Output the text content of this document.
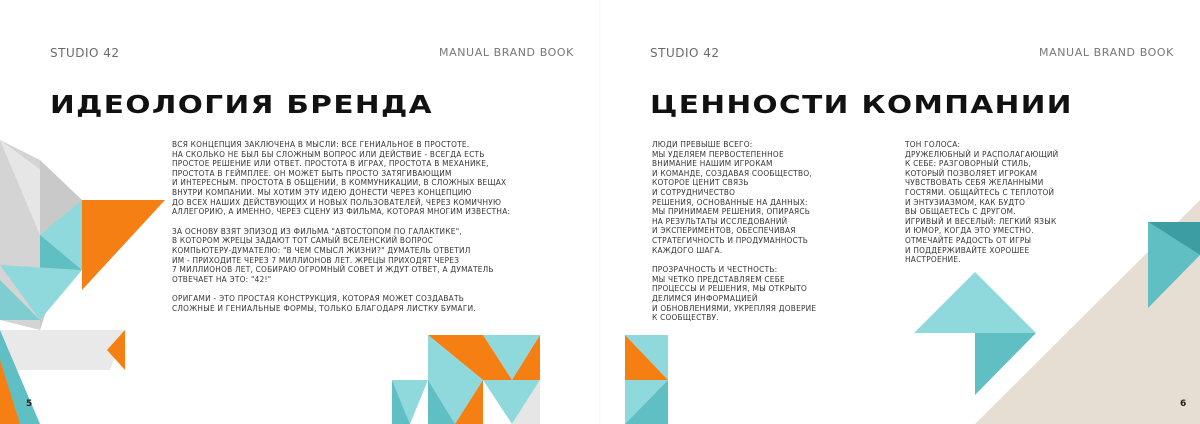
STUDIO 42	MANUAL BRAND BOOK
ИДЕОЛОГИЯ БРЕНДА

ВСЯ КОНЦЕПЦИЯ ЗАКЛЮЧЕНА В МЫСЛИ: ВСЕ ГЕНИАЛЬНОЕ В ПРОСТОТЕ.

НА СКОЛЬКО НЕ БЫЛ БЫ СЛОЖНЫМ ВОПРОС ИЛИ ДЕЙСТВИЕ - ВСЕГДА ЕСТЬ

ПРОСТОЕ РЕШЕНИЕ ИЛИ ОТВЕТ. ПРОСТОТА В ИГРАХ, ПРОСТОТА В МЕХАНИКЕ,

ПРОСТОТА В ГЕЙМПЛЕЕ. ОН МОЖЕТ БЫТЬ ПРОСТО ЗАТЯГИВАЮЩИМ

И ИНТЕРЕСНЫМ. ПРОСТОТА В ОБЩЕНИИ, В КОММУНИКАЦИИ, В СЛОЖНЫХ ВЕЩАХ

ВНУТРИ КОМПАНИИ. МЫ ХОТИМ ЭТУ ИДЕЮ ДОНЕСТИ ЧЕРЕЗ КОНЦЕПЦИЮ

ДО ВСЕХ НАШИХ ДЕЙСТВУЮЩИХ И НОВЫХ ПОЛЬЗОВАТЕЛЕЙ, ЧЕРЕЗ КОМИЧНУЮ

АЛЛЕГОРИЮ, А ИМЕННО, ЧЕРЕЗ СЦЕНУ ИЗ ФИЛЬМА, КОТОРАЯ МНОГИМ ИЗВЕСТНА:

ЗА ОСНОВУ ВЗЯТ ЭПИЗОД ИЗ ФИЛЬМА "АВТОСТОПОМ ПО ГАЛАКТИКЕ",

В КОТОРОМ ЖРЕЦЫ ЗАДАЮТ ТОТ САМЫЙ ВСЕЛЕНСКИЙ ВОПРОС

КОМПЬЮТЕРУ-ДУМАТЕЛЮ: "В ЧЕМ СМЫСЛ ЖИЗНИ?" ДУМАТЕЛЬ ОТВЕТИЛ

ИМ - ПРИХОДИТЕ ЧЕРЕЗ 7 МИЛЛИОНОВ ЛЕТ. ЖРЕЦЫ ПРИХОДЯТ ЧЕРЕЗ

7 МИЛЛИОНОВ ЛЕТ, СОБИРАЮ ОГРОМНЫЙ СОВЕТ И ЖДУТ ОТВЕТ, А ДУМАТЕЛЬ

ОТВЕЧАЕТ НА ЭТО: "42!"

ОРИГАМИ - ЭТО ПРОСТАЯ КОНСТРУКЦИЯ, КОТОРАЯ МОЖЕТ СОЗДАВАТЬ

СЛОЖНЫЕ И ГЕНИАЛЬНЫЕ ФОРМЫ, ТОЛЬКО БЛАГОДАРЯ ЛИСТКУ БУМАГИ.

5
STUDIO 42	MANUAL BRAND BOOK
ЦЕННОСТИ КОМПАНИИ

ЛЮДИ ПРЕВЫШЕ ВСЕГО:

МЫ УДЕЛЯЕМ ПЕРВОСТЕПЕННОЕ

ВНИМАНИЕ НАШИМ ИГРОКАМ

И КОМАНДЕ, СОЗДАВАЯ СООБЩЕСТВО,

КОТОРОЕ ЦЕНИТ СВЯЗЬ

И СОТРУДНИЧЕСТВО

РЕШЕНИЯ, ОСНОВАННЫЕ НА ДАННЫХ:

МЫ ПРИНИМАЕМ РЕШЕНИЯ, ОПИРАЯСЬ

НА РЕЗУЛЬТАТЫ ИССЛЕДОВАНИЙ

И ЭКСПЕРИМЕНТОВ, ОБЕСПЕЧИВАЯ

СТРАТЕГИЧНОСТЬ И ПРОДУМАННОСТЬ

КАЖДОГО ШАГА.

ПРОЗРАЧНОСТЬ И ЧЕСТНОСТЬ:

МЫ ЧЕТКО ПРЕДСТАВЛЯЕМ СЕБЕ

ПРОЦЕССЫ И РЕШЕНИЯ, МЫ ОТКРЫТО

ДЕЛИМСЯ ИНФОРМАЦИЕЙ

И ОБНОВЛЕНИЯМИ, УКРЕПЛЯЯ ДОВЕРИЕ

К СООБЩЕСТВУ.

ТОН ГОЛОСА:

ДРУЖЕЛЮБНЫЙ И РАСПОЛАГАЮЩИЙ

К СЕБЕ: РАЗГОВОРНЫЙ СТИЛЬ,

КОТОРЫЙ ПОЗВОЛЯЕТ ИГРОКАМ

ЧУВСТВОВАТЬ СЕБЯ ЖЕЛАННЫМИ

ГОСТЯМИ. ОБЩАЙТЕСЬ С ТЕПЛОТОЙ

И ЭНТУЗИАЗМОМ, КАК БУДТО

ВЫ ОБЩАЕТЕСЬ С ДРУГОМ.

ИГРИВЫЙ И ВЕСЕЛЫЙ: ЛЕГКИЙ ЯЗЫК

И ЮМОР, КОГДА ЭТО УМЕСТНО.

ОТМЕЧАЙТЕ РАДОСТЬ ОТ ИГРЫ

И ПОДДЕРЖИВАЙТЕ ХОРОШЕЕ

НАСТРОЕНИЕ.

6
